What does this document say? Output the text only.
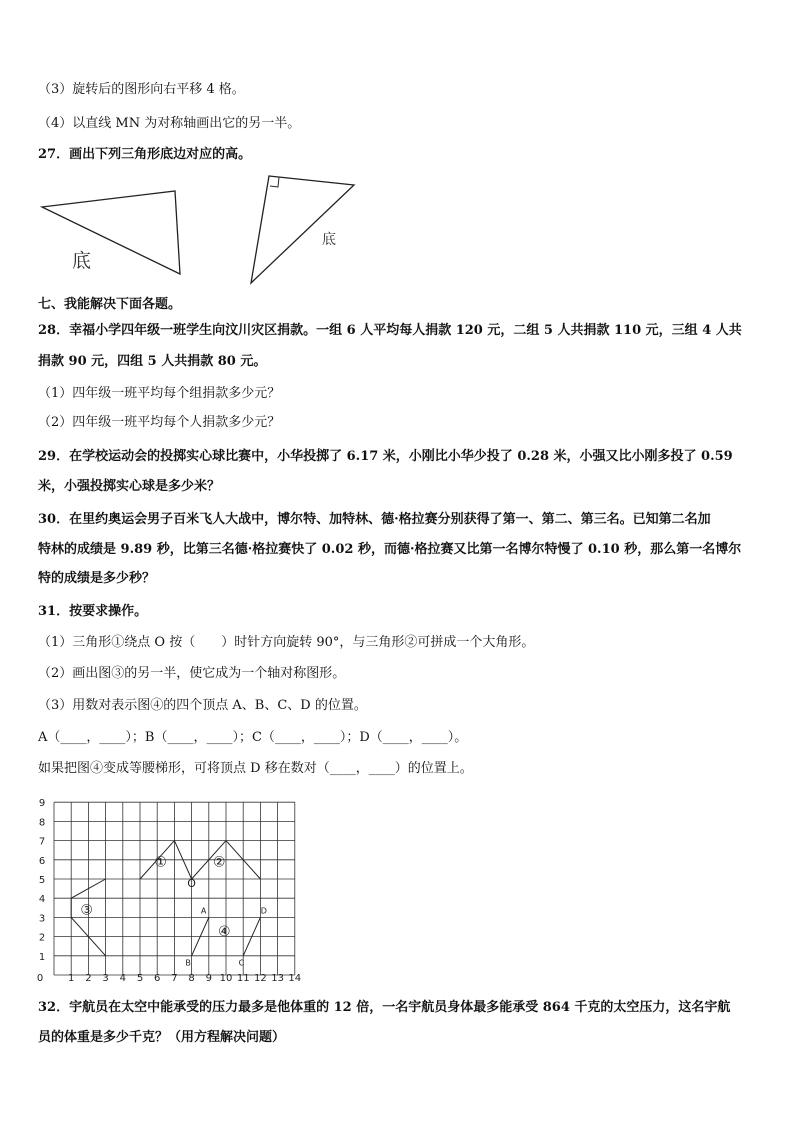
（3）旋转后的图形向右平移 4 格。
（4）以直线 MN 为对称轴画出它的另一半。
27．画出下列三角形底边对应的高。
底
底
七、我能解决下面各题。
28．幸福小学四年级一班学生向汶川灾区捐款。一组 6 人平均每人捐款 120 元，二组 5 人共捐款 110 元，三组 4 人共
捐款 90 元，四组 5 人共捐款 80 元。
（1）四年级一班平均每个组捐款多少元？
（2）四年级一班平均每个人捐款多少元？
29．在学校运动会的投掷实心球比赛中，小华投掷了 6.17 米，小刚比小华少投了 0.28 米，小强又比小刚多投了 0.59
米，小强投掷实心球是多少米？
30．在里约奥运会男子百米飞人大战中，博尔特、加特林、德·格拉赛分别获得了第一、第二、第三名。已知第二名加
特林的成绩是 9.89 秒，比第三名德·格拉赛快了 0.02 秒，而德·格拉赛又比第一名博尔特慢了 0.10 秒，那么第一名博尔
特的成绩是多少秒？
31．按要求操作。
（1）三角形①绕点 O 按（　　）时针方向旋转 90°，与三角形②可拼成一个大角形。
（2）画出图③的另一半，使它成为一个轴对称图形。
（3）用数对表示图④的四个顶点 A、B、C、D 的位置。
A（____，____）；B（____，____）；C（____，____）；D（____，____）。
如果把图④变成等腰梯形，可将顶点 D 移在数对（____，____）的位置上。
0 1 2 3 4 5 6 7 8 9 10 11 12 13 14
1
2
3
4
5
6
7
8
9
①	②
③
④
O
A
B	C
D
32．宇航员在太空中能承受的压力最多是他体重的 12 倍，一名宇航员身体最多能承受 864 千克的太空压力，这名宇航
员的体重是多少千克？（用方程解决问题）
